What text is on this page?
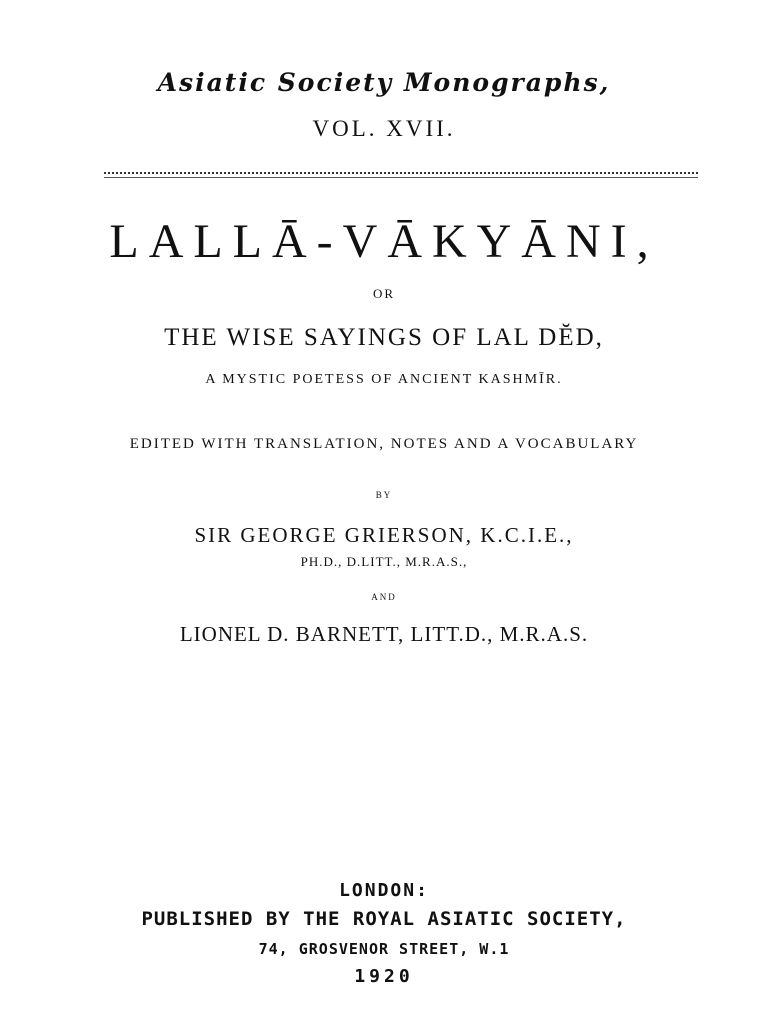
Asiatic Society Monographs,
VOL. XVII.
LALLĀ-VĀKYĀNI,
OR
THE WISE SAYINGS OF LAL DĔD,
A MYSTIC POETESS OF ANCIENT KASHMĪR.
EDITED WITH TRANSLATION, NOTES AND A VOCABULARY
BY
SIR GEORGE GRIERSON, K.C.I.E.,
PH.D., D.LITT., M.R.A.S.,
AND
LIONEL D. BARNETT, LITT.D., M.R.A.S.
LONDON:
PUBLISHED BY THE ROYAL ASIATIC SOCIETY,
74, GROSVENOR STREET, W.1
1920
